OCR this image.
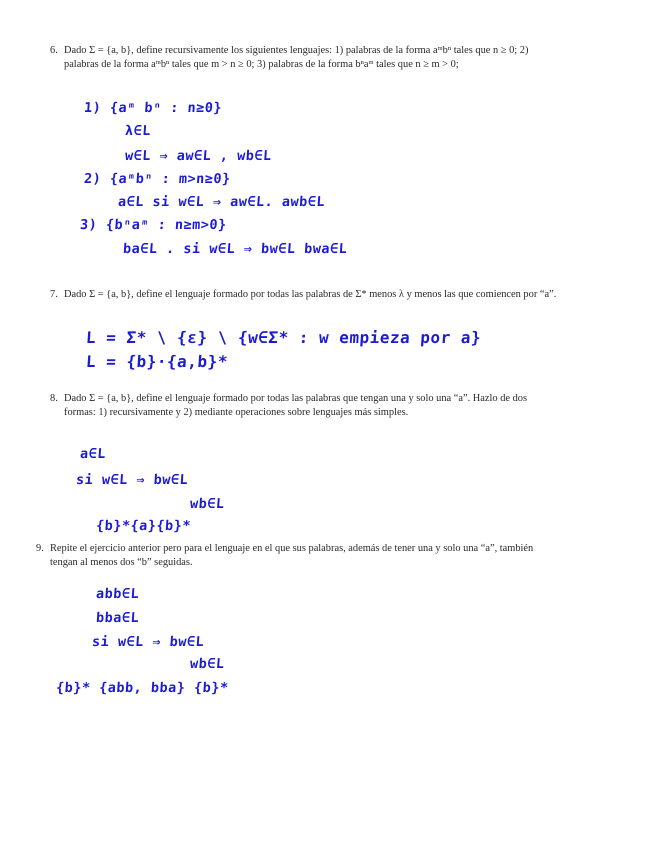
6. Dado Σ = {a, b}, define recursivamente los siguientes lenguajes: 1) palabras de la forma aᵐbⁿ tales que n ≥ 0; 2) palabras de la forma aᵐbⁿ tales que m > n ≥ 0; 3) palabras de la forma bⁿaᵐ tales que n ≥ m > 0;
1) {aᵐ bⁿ : n≥0}
λ∈L
w∈L ⇒ aw∈L , wb∈L
2) {aᵐbⁿ : m>n≥0}
a∈L si w∈L ⇒ aw∈L. awb∈L
3) {bⁿaᵐ : n≥m>0}
ba∈L . si w∈L ⇒ bw∈L bwa∈L
7. Dado Σ = {a, b}, define el lenguaje formado por todas las palabras de Σ* menos λ y menos las que comiencen por “a”.
L = Σ* \ {ε} \ {w∈Σ* : w empieza por a}
L = {b}·{a,b}*
8. Dado Σ = {a, b}, define el lenguaje formado por todas las palabras que tengan una y solo una “a”. Hazlo de dos formas: 1) recursivamente y 2) mediante operaciones sobre lenguajes más simples.
a∈L
si w∈L ⇒ bw∈L
wb∈L
{b}*{a}{b}*
9. Repite el ejercicio anterior pero para el lenguaje en el que sus palabras, además de tener una y solo una “a”, también tengan al menos dos “b” seguidas.
abb∈L
bba∈L
si w∈L ⇒ bw∈L
wb∈L
{b}* {abb, bba} {b}*
